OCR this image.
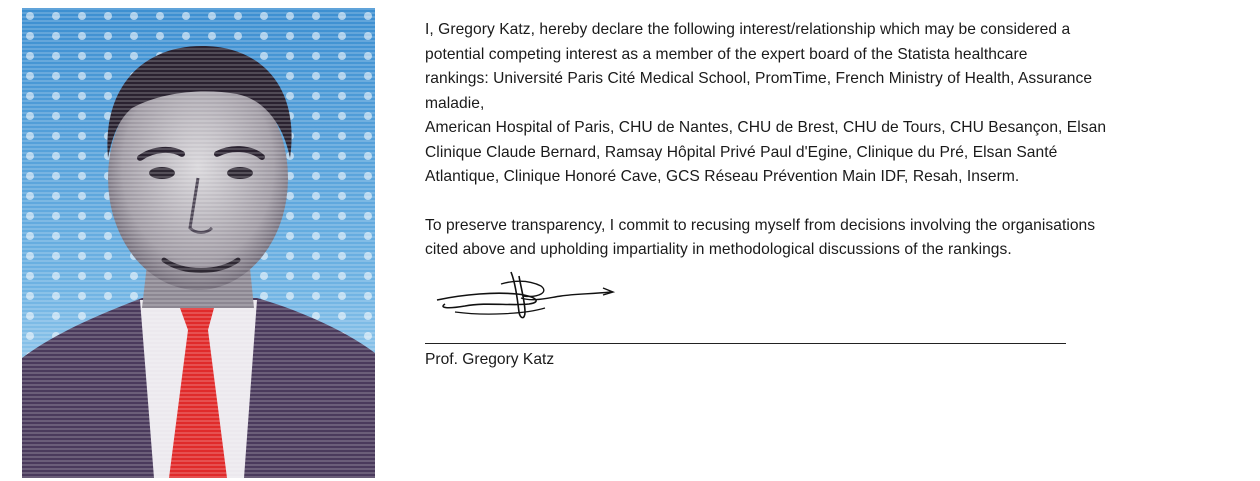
I, Gregory Katz, hereby declare the following interest/relationship which may be considered a

potential competing interest as a member of the expert board of the Statista healthcare

rankings: Université Paris Cité Medical School, PromTime, French Ministry of Health, Assurance

maladie,

American Hospital of Paris, CHU de Nantes, CHU de Brest, CHU de Tours, CHU Besançon, Elsan

Clinique Claude Bernard, Ramsay Hôpital Privé Paul d'Egine, Clinique du Pré, Elsan Santé

Atlantique, Clinique Honoré Cave, GCS Réseau Prévention Main IDF, Resah, Inserm.

To preserve transparency, I commit to recusing myself from decisions involving the organisations

cited above and upholding impartiality in methodological discussions of the rankings.

Prof. Gregory Katz
